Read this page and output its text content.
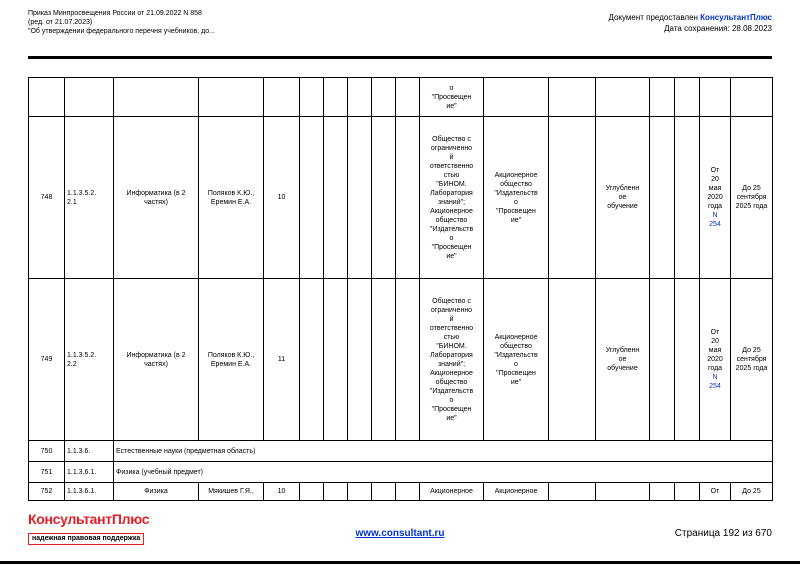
Приказ Минпросвещения России от 21.09.2022 N 858
(ред. от 21.07.2023)
"Об утверждении федерального перечня учебников, до...
Документ предоставлен КонсультантПлюс
Дата сохранения: 28.08.2023
										о
"Просвещен
ие"							
748	1.1.3.5.2.
2.1	Информатика (в 2
частях)	Поляков К.Ю.,
Еремин Е.А.	10						Общество с
ограниченно
й
ответственно
стью
"БИНОМ.
Лаборатория
знаний";
Акционерное
общество
"Издательств
о
"Просвещен
ие"	Акционерное
общество
"Издательств
о
"Просвещен
ие"		Углубленн
ое
обучение			От
20
мая
2020
года
N
254	До 25
сентября
2025 года
749	1.1.3.5.2.
2.2	Информатика (в 2
частях)	Поляков К.Ю.,
Еремин Е.А.	11						Общество с
ограниченно
й
ответственно
стью
"БИНОМ.
Лаборатория
знаний";
Акционерное
общество
"Издательств
о
"Просвещен
ие"	Акционерное
общество
"Издательств
о
"Просвещен
ие"		Углубленн
ое
обучение			От
20
мая
2020
года
N
254	До 25
сентября
2025 года
750	1.1.3.6.	Естественные науки (предметная область)															
751	1.1.3.6.1.	Физика (учебный предмет)															
752	1.1.3.6.1.	Физика	Мякишев Г.Я.,	10						Акционерное	Акционерное					От	До 25
КонсультантПлюс
надежная правовая поддержка	www.consultant.ru	Страница 192 из 670
